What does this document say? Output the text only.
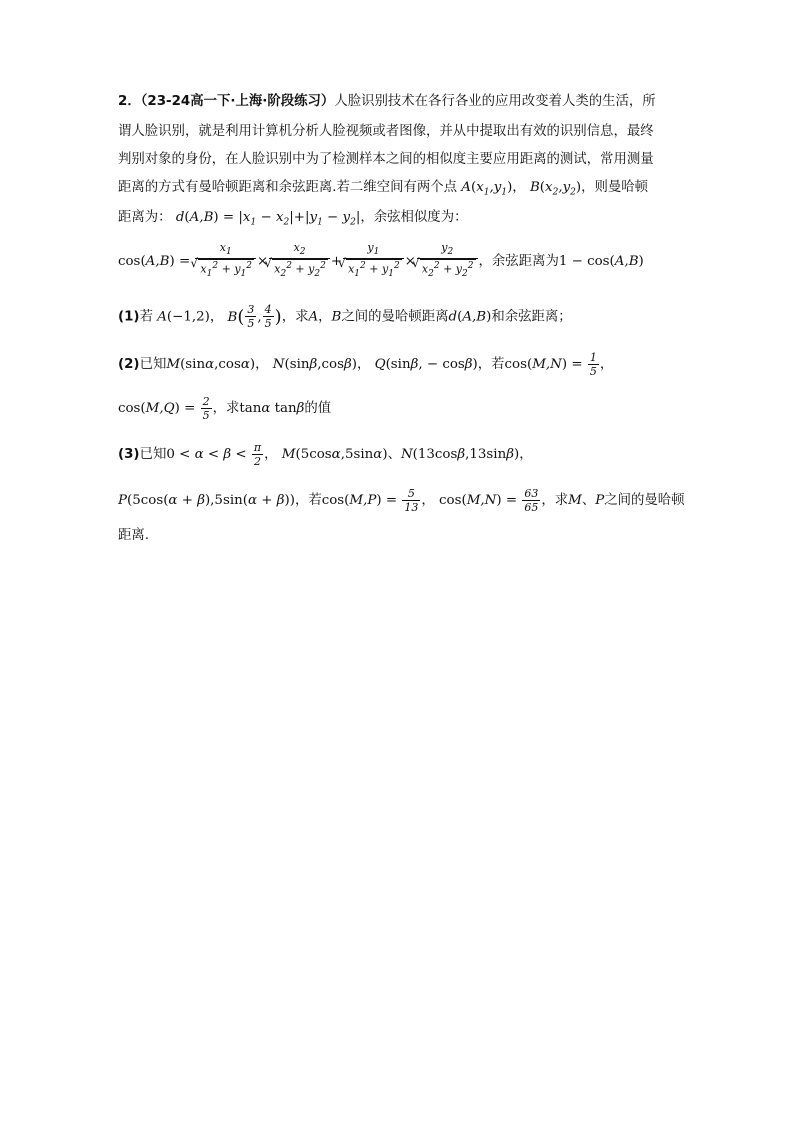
2．（23-24高一下·上海·阶段练习）人脸识别技术在各行各业的应用改变着人类的生活，所
谓人脸识别，就是利用计算机分析人脸视频或者图像，并从中提取出有效的识别信息，最终
判别对象的身份，在人脸识别中为了检测样本之间的相似度主要应用距离的测试，常用测量
距离的方式有曼哈顿距离和余弦距离.若二维空间有两个点 $A(x_1,y_1)$， $B(x_2,y_2)$，则曼哈顿
距离为： $d(A,B) = |x_1 - x_2|+|y_1 - y_2|$，余弦相似度为：
$\cos(A,B) = x_1$
√ $x_1^2 + y_1^2 \times x_2$
√ $x_2^2 + y_2^2 + y_1$
√ $x_1^2 + y_1^2 \times y_2$
√ $x_2^2 + y_2^2$ ，余弦距离为1 − cos(A,B)
(1)若 A(−1,2)， $B( \frac{3}{5}$ , $\frac{4}{5}$ )，求A，B之间的曼哈顿距离d(A,B)和余弦距离；
(2)已知M(sinα,cosα)， N(sinβ,cosβ)， Q(sinβ, − cosβ)，若$\cos(M,N) = \frac{1}{5}$ ，
$\cos(M,Q) = \frac{2}{5}$ ，求tanα tanβ的值
(3)已知$0 < \alpha < \beta < \frac{\pi}{2}$ ， M(5cosα,5sinα)、N(13cosβ,13sinβ)，
P(5cos(α + β),5sin(α + β))，若$\cos(M,P) = \frac{5}{13}$ ， $\cos(M,N) = \frac{63}{65}$ ，求M、P之间的曼哈顿
距离.
